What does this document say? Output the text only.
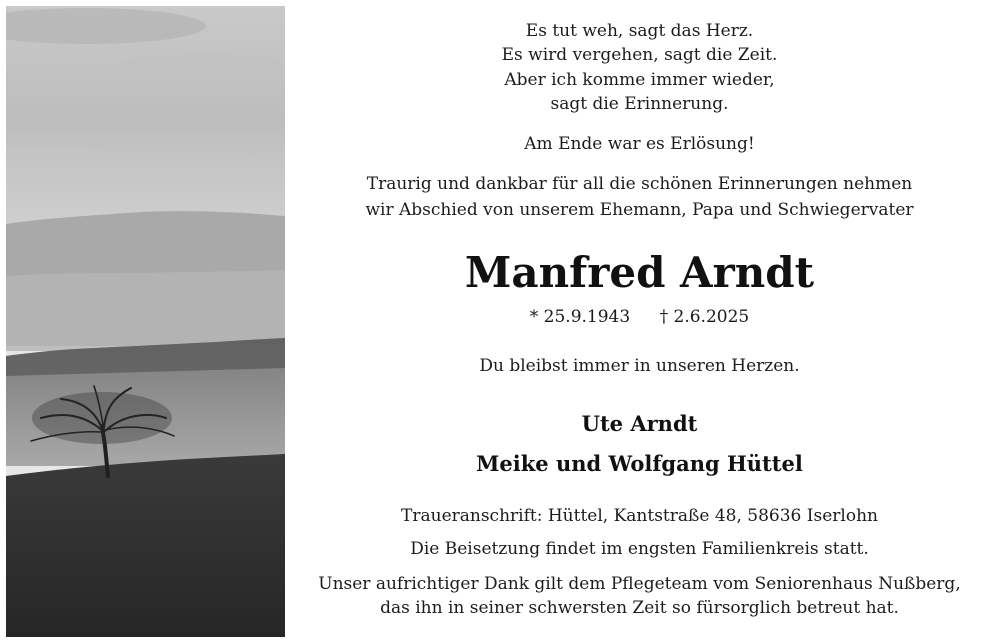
Es tut weh, sagt das Herz.
Es wird vergehen, sagt die Zeit.
Aber ich komme immer wieder,
sagt die Erinnerung.
Am Ende war es Erlösung!
Traurig und dankbar für all die schönen Erinnerungen nehmen
wir Abschied von unserem Ehemann, Papa und Schwiegervater
Manfred Arndt
* 25.9.1943 † 2.6.2025
Du bleibst immer in unseren Herzen.
Ute Arndt
Meike und Wolfgang Hüttel
Traueranschrift: Hüttel, Kantstraße 48, 58636 Iserlohn
Die Beisetzung findet im engsten Familienkreis statt.
Unser aufrichtiger Dank gilt dem Pflegeteam vom Seniorenhaus Nußberg,
das ihn in seiner schwersten Zeit so fürsorglich betreut hat.
